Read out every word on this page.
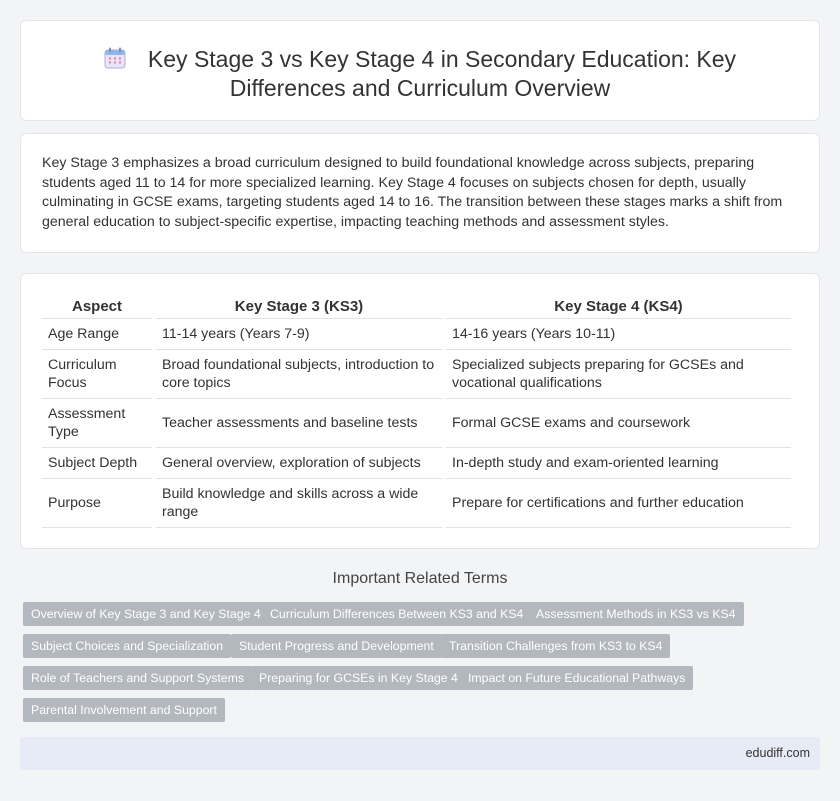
Key Stage 3 vs Key Stage 4 in Secondary Education: Key Differences and Curriculum Overview

Key Stage 3 emphasizes a broad curriculum designed to build foundational knowledge across subjects, preparing students aged 11 to 14 for more specialized learning. Key Stage 4 focuses on subjects chosen for depth, usually culminating in GCSE exams, targeting students aged 14 to 16. The transition between these stages marks a shift from general education to subject-specific expertise, impacting teaching methods and assessment styles.

Aspect	Key Stage 3 (KS3)	Key Stage 4 (KS4)
Age Range	11-14 years (Years 7-9)	14-16 years (Years 10-11)
Curriculum Focus	Broad foundational subjects, introduction to core topics	Specialized subjects preparing for GCSEs and vocational qualifications
Assessment Type	Teacher assessments and baseline tests	Formal GCSE exams and coursework
Subject Depth	General overview, exploration of subjects	In-depth study and exam-oriented learning
Purpose	Build knowledge and skills across a wide range	Prepare for certifications and further education
Important Related Terms
Overview of Key Stage 3 and Key Stage 4 Curriculum Differences Between KS3 and KS4	Assessment Methods in KS3 vs KS4
Subject Choices and Specialization	Student Progress and Development	Transition Challenges from KS3 to KS4
Role of Teachers and Support Systems	Preparing for GCSEs in Key Stage 4 Impact on Future Educational Pathways
Parental Involvement and Support
edudiff.com
